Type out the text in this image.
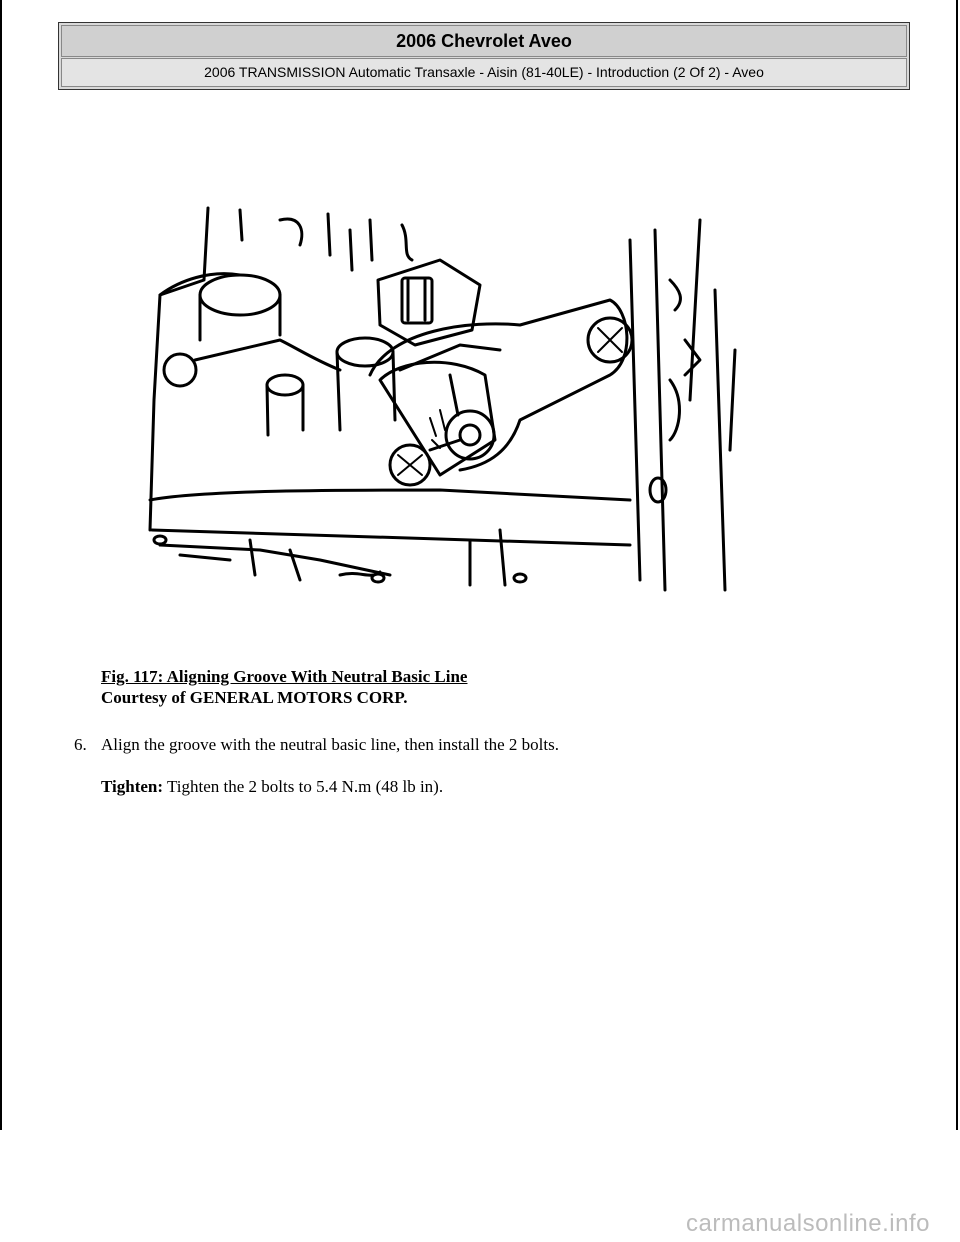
2006 Chevrolet Aveo
2006 TRANSMISSION Automatic Transaxle - Aisin (81-40LE) - Introduction (2 Of 2) - Aveo
Fig. 117: Aligning Groove With Neutral Basic Line
Courtesy of GENERAL MOTORS CORP.
6. Align the groove with the neutral basic line, then install the 2 bolts.
Tighten: Tighten the 2 bolts to 5.4 N.m (48 lb in).
carmanualsonline.info
